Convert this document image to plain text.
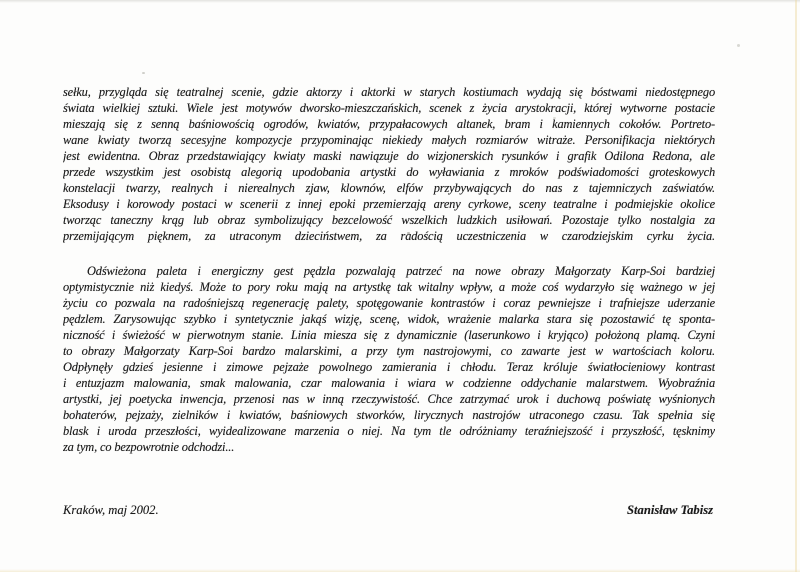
sełku, przygląda się teatralnej scenie, gdzie aktorzy i aktorki w starych kostiumach wydają się bóstwami niedostępnego
świata wielkiej sztuki. Wiele jest motywów dworsko-mieszczańskich, scenek z życia arystokracji, której wytworne postacie
mieszają się z senną baśniowością ogrodów, kwiatów, przypałacowych altanek, bram i kamiennych cokołów. Portreto-
wane kwiaty tworzą secesyjne kompozycje przypominając niekiedy małych rozmiarów witraże. Personifikacja niektórych
jest ewidentna. Obraz przedstawiający kwiaty maski nawiązuje do wizjonerskich rysunków i grafik Odilona Redona, ale
przede wszystkim jest osobistą alegorią upodobania artystki do wyławiania z mroków podświadomości groteskowych
konstelacji twarzy, realnych i nierealnych zjaw, klownów, elfów przybywających do nas z tajemniczych zaświatów.
Eksodusy i korowody postaci w scenerii z innej epoki przemierzają areny cyrkowe, sceny teatralne i podmiejskie okolice
tworząc taneczny krąg lub obraz symbolizujący bezcelowość wszelkich ludzkich usiłowań. Pozostaje tylko nostalgia za
przemijającym pięknem, za utraconym dzieciństwem, za radością uczestniczenia w czarodziejskim cyrku życia.
Odświeżona paleta i energiczny gest pędzla pozwalają patrzeć na nowe obrazy Małgorzaty Karp-Soi bardziej
optymistycznie niż kiedyś. Może to pory roku mają na artystkę tak witalny wpływ, a może coś wydarzyło się ważnego w jej
życiu co pozwala na radośniejszą regenerację palety, spotęgowanie kontrastów i coraz pewniejsze i trafniejsze uderzanie
pędzlem. Zarysowując szybko i syntetycznie jakąś wizję, scenę, widok, wrażenie malarka stara się pozostawić tę sponta-
niczność i świeżość w pierwotnym stanie. Linia miesza się z dynamicznie (laserunkowo i kryjąco) położoną plamą. Czyni
to obrazy Małgorzaty Karp-Soi bardzo malarskimi, a przy tym nastrojowymi, co zawarte jest w wartościach koloru.
Odpłynęły gdzieś jesienne i zimowe pejzaże powolnego zamierania i chłodu. Teraz króluje światłocieniowy kontrast
i entuzjazm malowania, smak malowania, czar malowania i wiara w codzienne oddychanie malarstwem. Wyobraźnia
artystki, jej poetycka inwencja, przenosi nas w inną rzeczywistość. Chce zatrzymać urok i duchową poświatę wyśnionych
bohaterów, pejzaży, zielników i kwiatów, baśniowych stworków, lirycznych nastrojów utraconego czasu. Tak spełnia się
blask i uroda przeszłości, wyidealizowane marzenia o niej. Na tym tle odróżniamy teraźniejszość i przyszłość, tęsknimy
za tym, co bezpowrotnie odchodzi...
Kraków, maj 2002.	Stanisław Tabisz
